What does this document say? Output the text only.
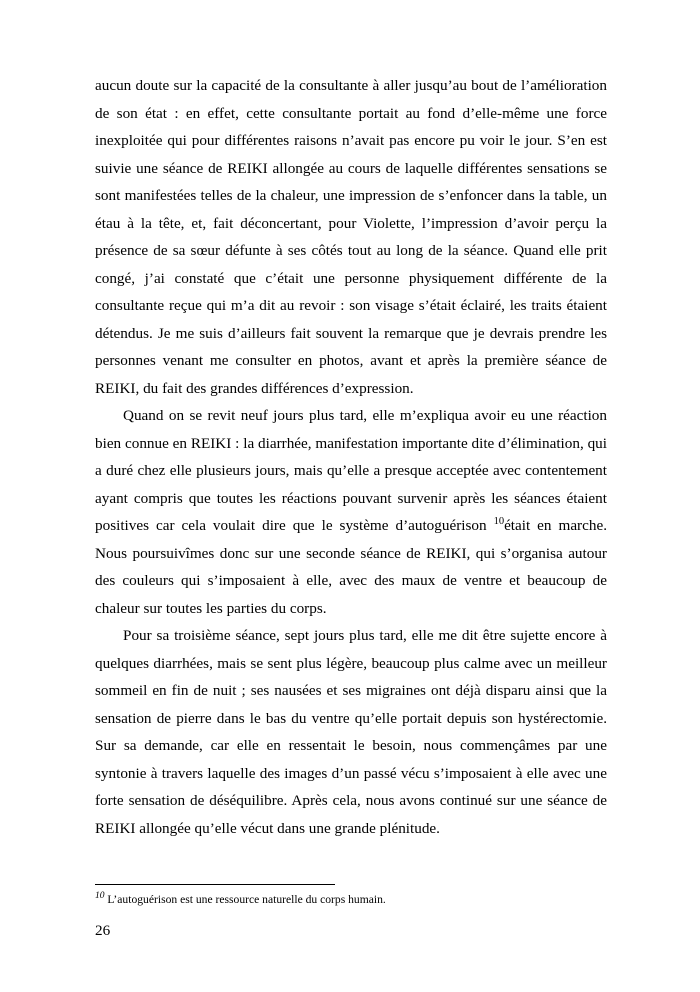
aucun doute sur la capacité de la consultante à aller jusqu’au bout de l’amélioration de son état : en effet, cette consultante portait au fond d’elle-même une force inexploitée qui pour différentes raisons n’avait pas encore pu voir le jour. S’en est suivie une séance de REIKI allongée au cours de laquelle différentes sensations se sont manifestées telles de la chaleur, une impression de s’enfoncer dans la table, un étau à la tête, et, fait déconcertant, pour Violette, l’impression d’avoir perçu la présence de sa sœur défunte à ses côtés tout au long de la séance. Quand elle prit congé, j’ai constaté que c’était une personne physiquement différente de la consultante reçue qui m’a dit au revoir : son visage s’était éclairé, les traits étaient détendus. Je me suis d’ailleurs fait souvent la remarque que je devrais prendre les personnes venant me consulter en photos, avant et après la première séance de REIKI, du fait des grandes différences d’expression.

Quand on se revit neuf jours plus tard, elle m’expliqua avoir eu une réaction bien connue en REIKI : la diarrhée, manifestation importante dite d’élimination, qui a duré chez elle plusieurs jours, mais qu’elle a presque acceptée avec contentement ayant compris que toutes les réactions pouvant survenir après les séances étaient positives car cela voulait dire que le système d’autoguérison $^{10}$était en marche. Nous poursuivîmes donc sur une seconde séance de REIKI, qui s’organisa autour des couleurs qui s’imposaient à elle, avec des maux de ventre et beaucoup de chaleur sur toutes les parties du corps.

Pour sa troisième séance, sept jours plus tard, elle me dit être sujette encore à quelques diarrhées, mais se sent plus légère, beaucoup plus calme avec un meilleur sommeil en fin de nuit ; ses nausées et ses migraines ont déjà disparu ainsi que la sensation de pierre dans le bas du ventre qu’elle portait depuis son hystérectomie. Sur sa demande, car elle en ressentait le besoin, nous commençâmes par une syntonie à travers laquelle des images d’un passé vécu s’imposaient à elle avec une forte sensation de déséquilibre. Après cela, nous avons continué sur une séance de REIKI allongée qu’elle vécut dans une grande plénitude.

$^{10}$ L’autoguérison est une ressource naturelle du corps humain.

26
